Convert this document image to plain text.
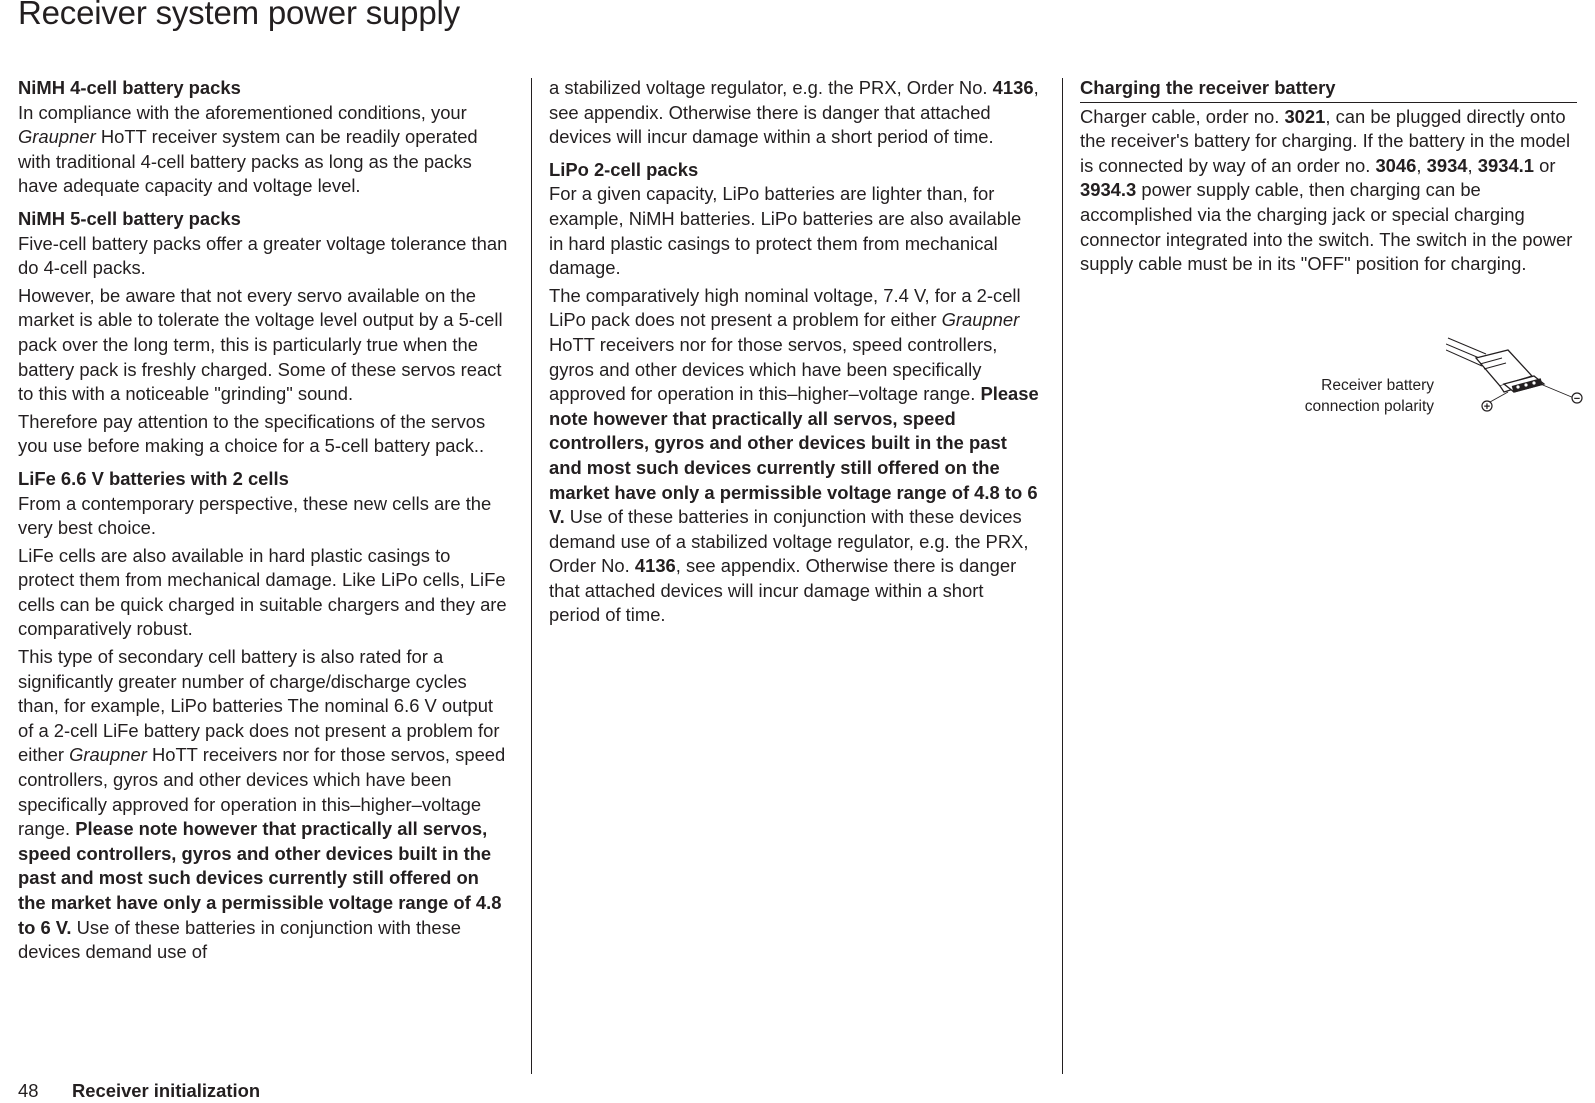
Receiver system power supply
NiMH 4-cell battery packs

In compliance with the aforementioned conditions, your Graupner HoTT receiver system can be readily operated with traditional 4-cell battery packs as long as the packs have adequate capacity and voltage level.

NiMH 5-cell battery packs

Five-cell battery packs offer a greater voltage tolerance than do 4-cell packs.

However, be aware that not every servo available on the market is able to tolerate the voltage level output by a 5-cell pack over the long term, this is particularly true when the battery pack is freshly charged. Some of these servos react to this with a noticeable "grinding" sound.

Therefore pay attention to the specifications of the servos you use before making a choice for a 5-cell battery pack..

LiFe 6.6 V batteries with 2 cells

From a contemporary perspective, these new cells are the very best choice.

LiFe cells are also available in hard plastic casings to protect them from mechanical damage. Like LiPo cells, LiFe cells can be quick charged in suitable chargers and they are comparatively robust.

This type of secondary cell battery is also rated for a significantly greater number of charge/discharge cycles than, for example, LiPo batteries The nominal 6.6 V output of a 2-cell LiFe battery pack does not present a problem for either Graupner HoTT receivers nor for those servos, speed controllers, gyros and other devices which have been specifically approved for operation in this–higher–voltage range. Please note however that practically all servos, speed controllers, gyros and other devices built in the past and most such devices currently still offered on the market have only a permissible voltage range of 4.8 to 6 V. Use of these batteries in conjunction with these devices demand use of

a stabilized voltage regulator, e.g. the PRX, Order No. 4136, see appendix. Otherwise there is danger that attached devices will incur damage within a short period of time.

LiPo 2-cell packs

For a given capacity, LiPo batteries are lighter than, for example, NiMH batteries. LiPo batteries are also available in hard plastic casings to protect them from mechanical damage.

The comparatively high nominal voltage, 7.4 V, for a 2-cell LiPo pack does not present a problem for either Graupner HoTT receivers nor for those servos, speed controllers, gyros and other devices which have been specifically approved for operation in this–higher–voltage range. Please note however that practically all servos, speed controllers, gyros and other devices built in the past and most such devices currently still offered on the market have only a permissible voltage range of 4.8 to 6 V. Use of these batteries in conjunction with these devices demand use of a stabilized voltage regulator, e.g. the PRX, Order No. 4136, see appendix. Otherwise there is danger that attached devices will incur damage within a short period of time.

Charging the receiver battery

Charger cable, order no. 3021, can be plugged directly onto the receiver's battery for charging. If the battery in the model is connected by way of an order no. 3046, 3934, 3934.1 or 3934.3 power supply cable, then charging can be accomplished via the charging jack or special charging connector integrated into the switch. The switch in the power supply cable must be in its "OFF" position for charging.

Receiver battery
connection polarity	+
−
48 Receiver initialization
